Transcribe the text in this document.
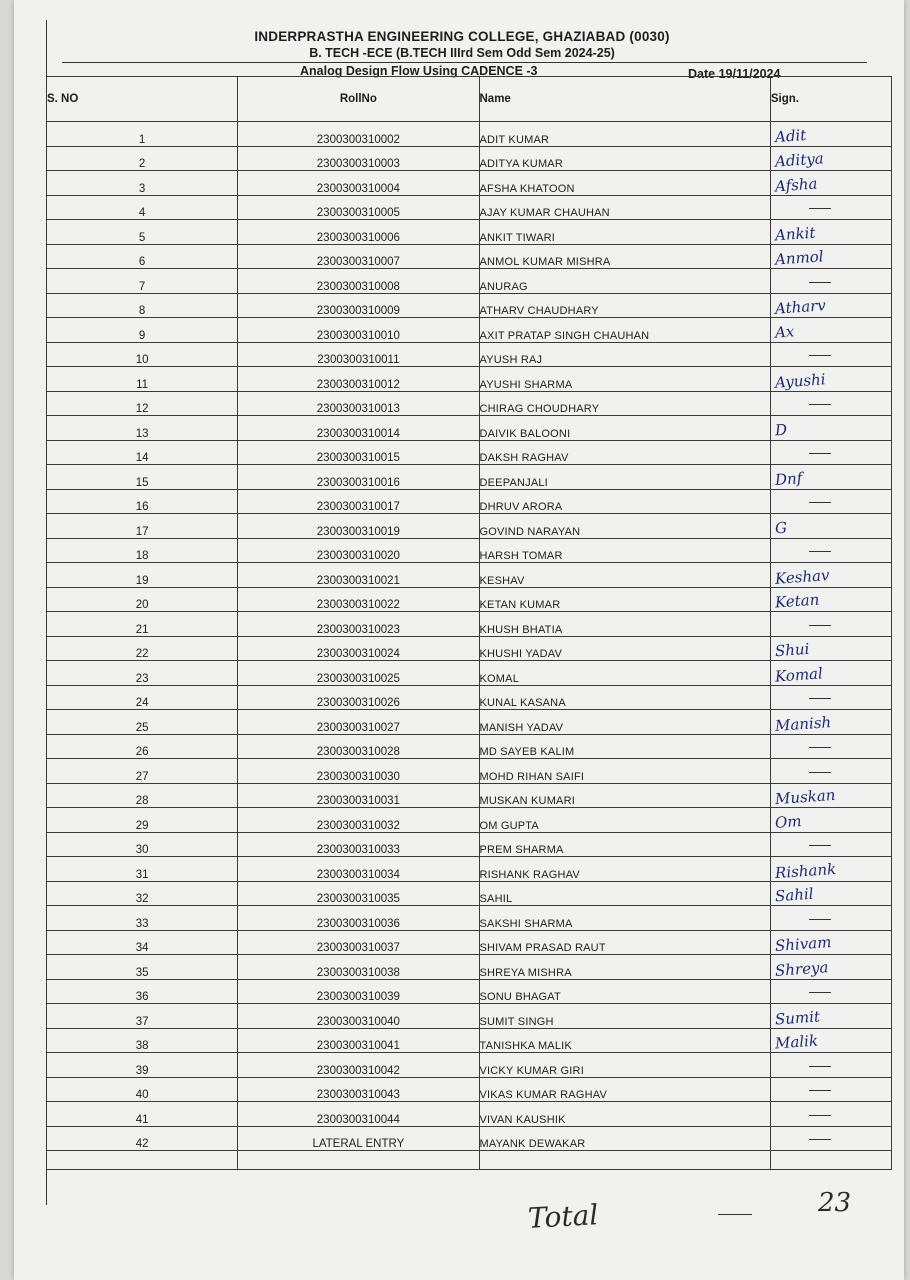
INDERPRASTHA ENGINEERING COLLEGE, GHAZIABAD (0030)
B. TECH -ECE (B.TECH IIIrd Sem Odd Sem 2024-25)
Analog Design Flow Using CADENCE -3	Date 19/11/2024
S. NO	RollNo	Name	Sign.
1	2300300310002	ADIT KUMAR	Adit

2	2300300310003	ADITYA KUMAR	Aditya

3	2300300310004	AFSHA KHATOON	Afsha

4	2300300310005	AJAY KUMAR CHAUHAN	

5	2300300310006	ANKIT TIWARI	Ankit

6	2300300310007	ANMOL KUMAR MISHRA	Anmol

7	2300300310008	ANURAG	

8	2300300310009	ATHARV CHAUDHARY	Atharv

9	2300300310010	AXIT PRATAP SINGH CHAUHAN	Ax

10	2300300310011	AYUSH RAJ	

11	2300300310012	AYUSHI SHARMA	Ayushi

12	2300300310013	CHIRAG CHOUDHARY	

13	2300300310014	DAIVIK BALOONI	D

14	2300300310015	DAKSH RAGHAV	

15	2300300310016	DEEPANJALI	Dnf

16	2300300310017	DHRUV ARORA	

17	2300300310019	GOVIND NARAYAN	G

18	2300300310020	HARSH TOMAR	

19	2300300310021	KESHAV	Keshav

20	2300300310022	KETAN KUMAR	Ketan

21	2300300310023	KHUSH BHATIA	

22	2300300310024	KHUSHI YADAV	Shui

23	2300300310025	KOMAL	Komal

24	2300300310026	KUNAL KASANA	

25	2300300310027	MANISH YADAV	Manish

26	2300300310028	MD SAYEB KALIM	

27	2300300310030	MOHD RIHAN SAIFI	

28	2300300310031	MUSKAN KUMARI	Muskan

29	2300300310032	OM GUPTA	Om

30	2300300310033	PREM SHARMA	

31	2300300310034	RISHANK RAGHAV	Rishank

32	2300300310035	SAHIL	Sahil

33	2300300310036	SAKSHI SHARMA	

34	2300300310037	SHIVAM PRASAD RAUT	Shivam

35	2300300310038	SHREYA MISHRA	Shreya

36	2300300310039	SONU BHAGAT	

37	2300300310040	SUMIT SINGH	Sumit

38	2300300310041	TANISHKA MALIK	Malik

39	2300300310042	VICKY KUMAR GIRI	

40	2300300310043	VIKAS KUMAR RAGHAV	

41	2300300310044	VIVAN KAUSHIK	

42	LATERAL ENTRY	MAYANK DEWAKAR	

Total	23
